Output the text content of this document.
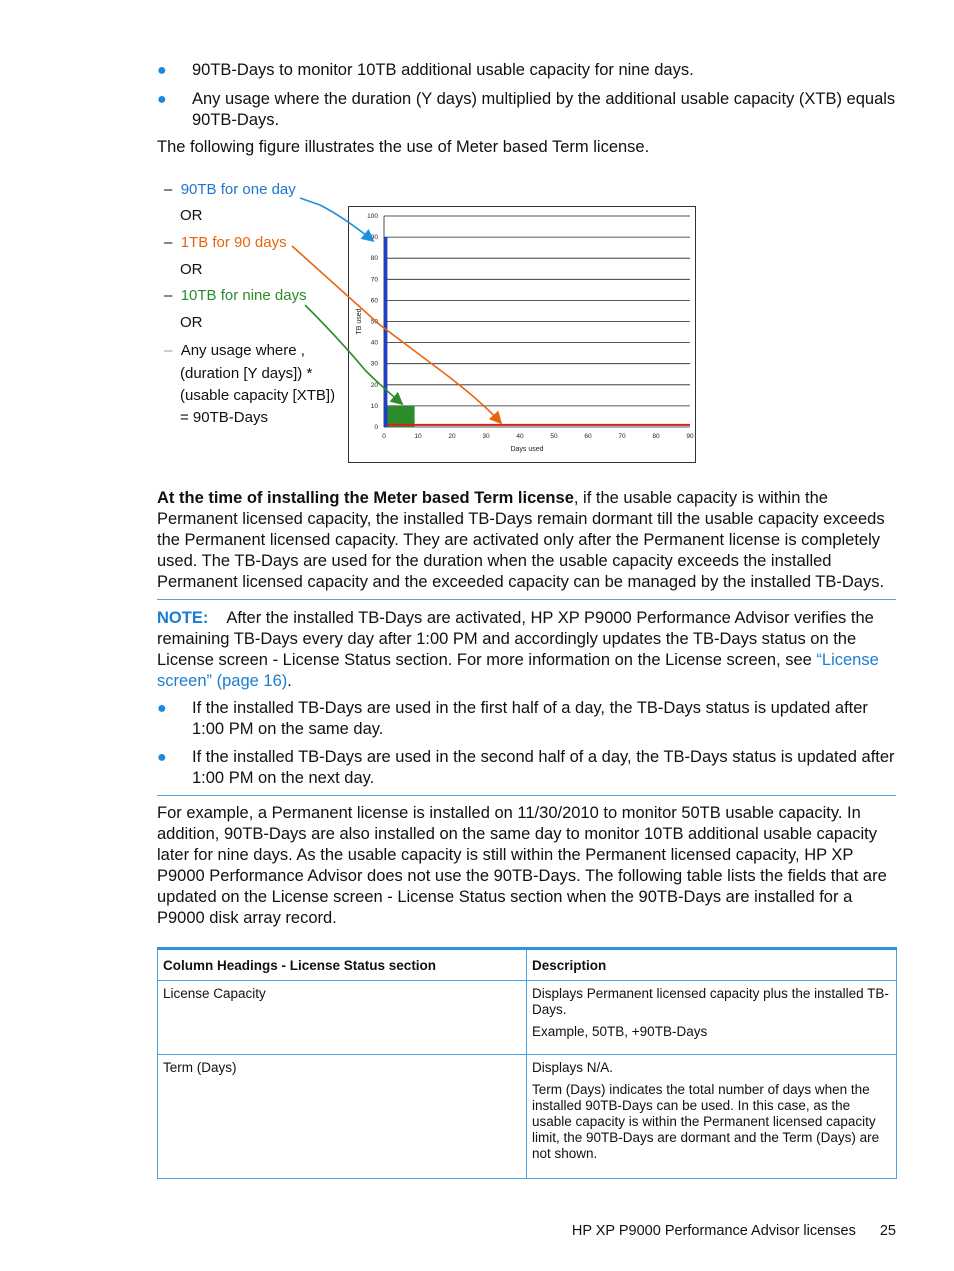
● 90TB-Days to monitor 10TB additional usable capacity for nine days.
● Any usage where the duration (Y days) multiplied by the additional usable capacity (XTB) equals 90TB-Days.

The following figure illustrates the use of Meter based Term license.

– 90TB for one day
OR
– 1TB for 90 days
OR
– 10TB for nine days
OR
– Any usage where ,
(duration [Y days]) *
(usable capacity [XTB])
= 90TB-Days
0
10
20
30
40
50
60
70
80
90
100
0	10	20	30	40	50	60	70	80	90
Days used
TB used

At the time of installing the Meter based Term license, if the usable capacity is within the Permanent licensed capacity, the installed TB-Days remain dormant till the usable capacity exceeds the Permanent licensed capacity. They are activated only after the Permanent license is completely used. The TB-Days are used for the duration when the usable capacity exceeds the installed Permanent licensed capacity and the exceeded capacity can be managed by the installed TB-Days.

NOTE: After the installed TB-Days are activated, HP XP P9000 Performance Advisor verifies the remaining TB-Days every day after 1:00 PM and accordingly updates the TB-Days status on the License screen - License Status section. For more information on the License screen, see “License screen” (page 16).

● If the installed TB-Days are used in the first half of a day, the TB-Days status is updated after 1:00 PM on the same day.
● If the installed TB-Days are used in the second half of a day, the TB-Days status is updated after 1:00 PM on the next day.

For example, a Permanent license is installed on 11/30/2010 to monitor 50TB usable capacity. In addition, 90TB-Days are also installed on the same day to monitor 10TB additional usable capacity later for nine days. As the usable capacity is still within the Permanent licensed capacity, HP XP P9000 Performance Advisor does not use the 90TB-Days. The following table lists the fields that are updated on the License screen - License Status section when the 90TB-Days are installed for a P9000 disk array record.

Column Headings - License Status section	Description
License Capacity	Displays Permanent licensed capacity plus the installed TB-Days.

Example, 50TB, +90TB-Days

Term (Days)	Displays N/A.

Term (Days) indicates the total number of days when the installed 90TB-Days can be used. In this case, as the usable capacity is within the Permanent licensed capacity limit, the 90TB-Days are dormant and the Term (Days) are not shown.

HP XP P9000 Performance Advisor licenses 25
